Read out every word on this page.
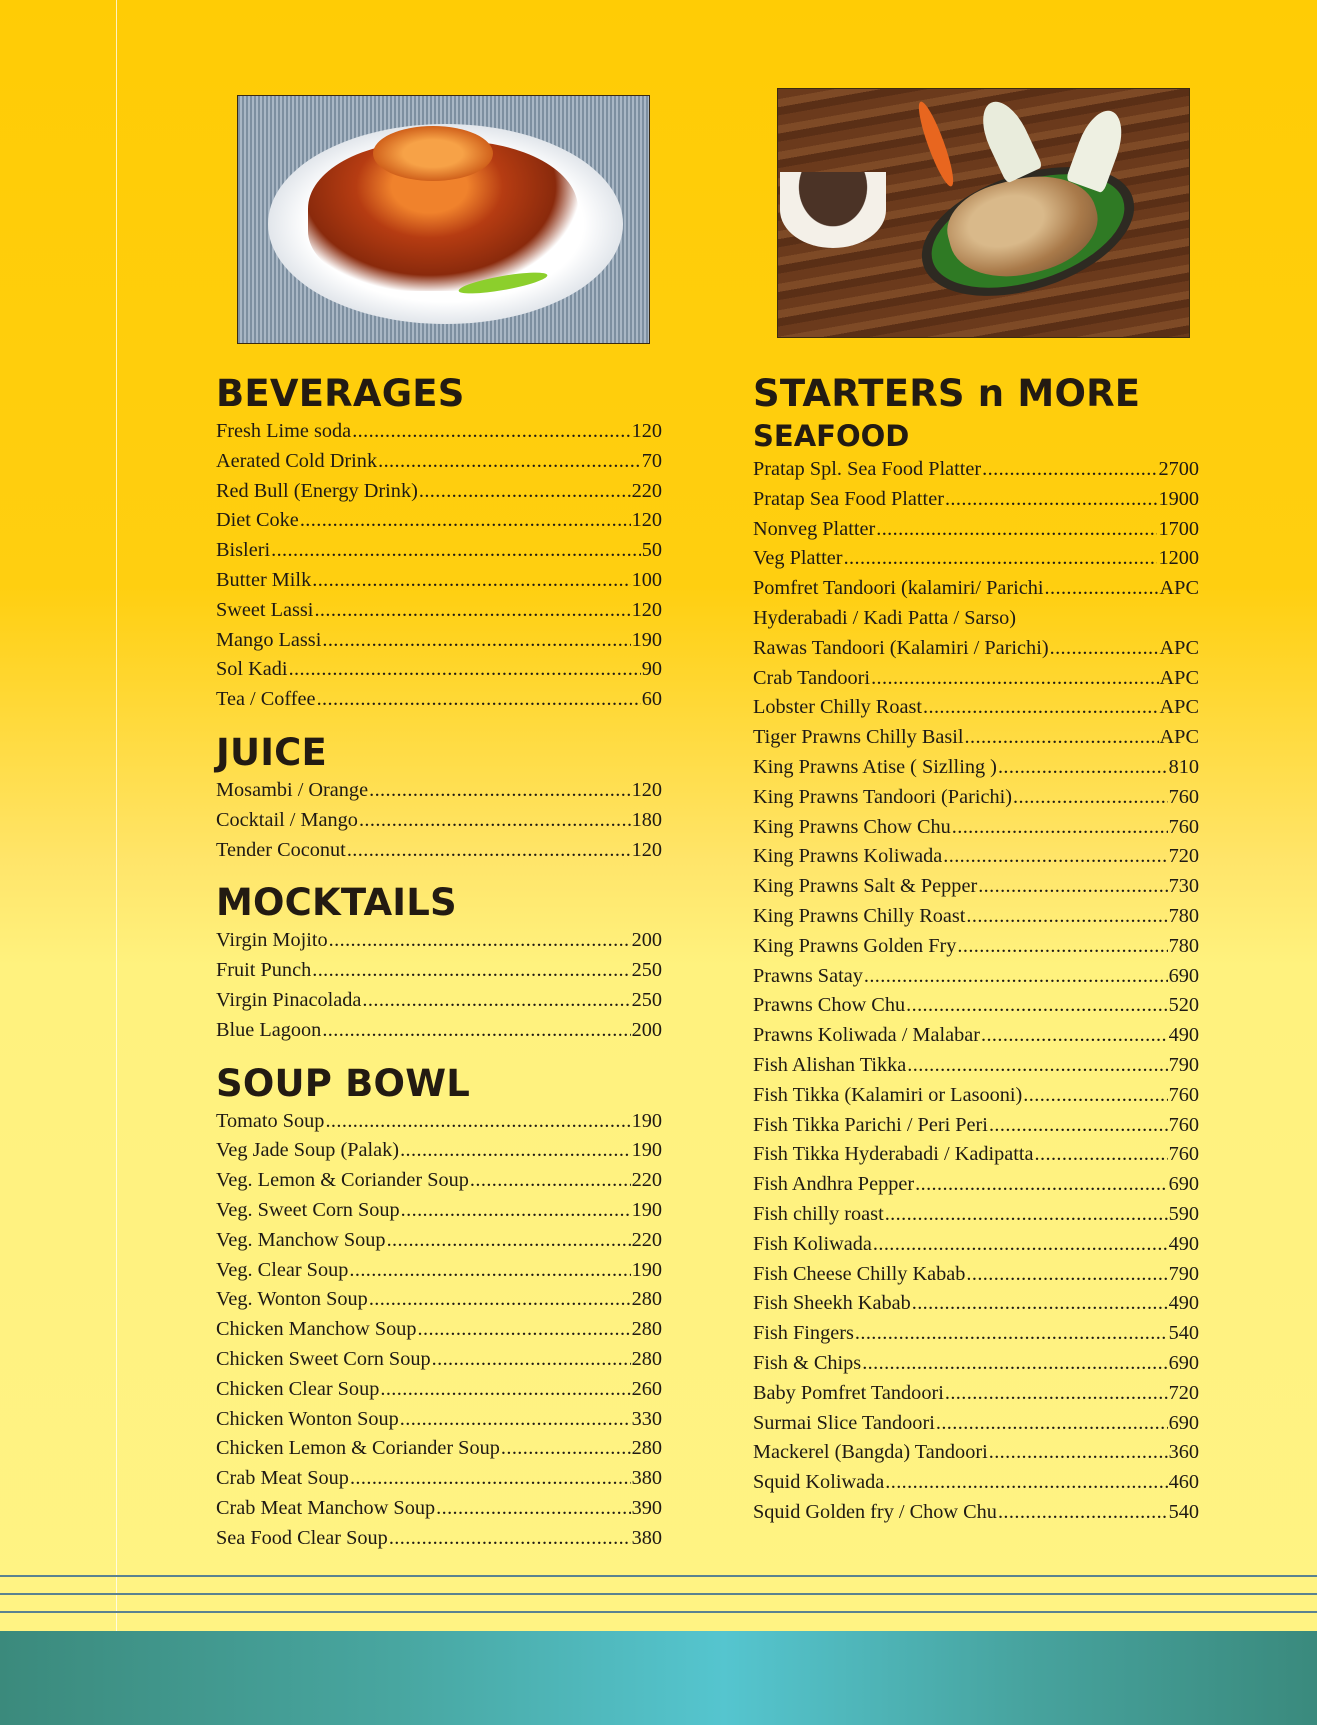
BEVERAGES
Fresh Lime soda .....	120
Aerated Cold Drink .....	70
Red Bull (Energy Drink) .....	220
Diet Coke .....	120
Bisleri .....	50
Butter Milk .....	100
Sweet Lassi .....	120
Mango Lassi .....	190
Sol Kadi .....	90
Tea / Coffee .....	60
JUICE
Mosambi / Orange .....	120
Cocktail / Mango .....	180
Tender Coconut .....	120
MOCKTAILS
Virgin Mojito .....	200
Fruit Punch .....	250
Virgin Pinacolada .....	250
Blue Lagoon .....	200
SOUP BOWL
Tomato Soup .....	190
Veg Jade Soup (Palak) .....	190
Veg. Lemon & Coriander Soup .....	220
Veg. Sweet Corn Soup .....	190
Veg. Manchow Soup .....	220
Veg. Clear Soup .....	190
Veg. Wonton Soup .....	280
Chicken Manchow Soup .....	280
Chicken Sweet Corn Soup .....	280
Chicken Clear Soup .....	260
Chicken Wonton Soup .....	330
Chicken Lemon & Coriander Soup .....	280
Crab Meat Soup .....	380
Crab Meat Manchow Soup .....	390
Sea Food Clear Soup .....	380
STARTERS n MORE
SEAFOOD
Pratap Spl. Sea Food Platter .....	2700
Pratap Sea Food Platter .....	1900
Nonveg Platter .....	1700
Veg Platter .....	1200
Pomfret Tandoori (kalamiri/ Parichi .....	APC
Hyderabadi / Kadi Patta / Sarso)
Rawas Tandoori (Kalamiri / Parichi) .....	APC
Crab Tandoori .....	APC
Lobster Chilly Roast .....	APC
Tiger Prawns Chilly Basil .....	APC
King Prawns Atise ( Sizlling ) .....	810
King Prawns Tandoori (Parichi) .....	760
King Prawns Chow Chu .....	760
King Prawns Koliwada .....	720
King Prawns Salt & Pepper .....	730
King Prawns Chilly Roast .....	780
King Prawns Golden Fry .....	780
Prawns Satay .....	690
Prawns Chow Chu .....	520
Prawns Koliwada / Malabar .....	490
Fish Alishan Tikka .....	790
Fish Tikka (Kalamiri or Lasooni) .....	760
Fish Tikka Parichi / Peri Peri .....	760
Fish Tikka Hyderabadi / Kadipatta .....	760
Fish Andhra Pepper .....	690
Fish chilly roast .....	590
Fish Koliwada .....	490
Fish Cheese Chilly Kabab .....	790
Fish Sheekh Kabab .....	490
Fish Fingers .....	540
Fish & Chips .....	690
Baby Pomfret Tandoori .....	720
Surmai Slice Tandoori .....	690
Mackerel (Bangda) Tandoori .....	360
Squid Koliwada .....	460
Squid Golden fry / Chow Chu .....	540
